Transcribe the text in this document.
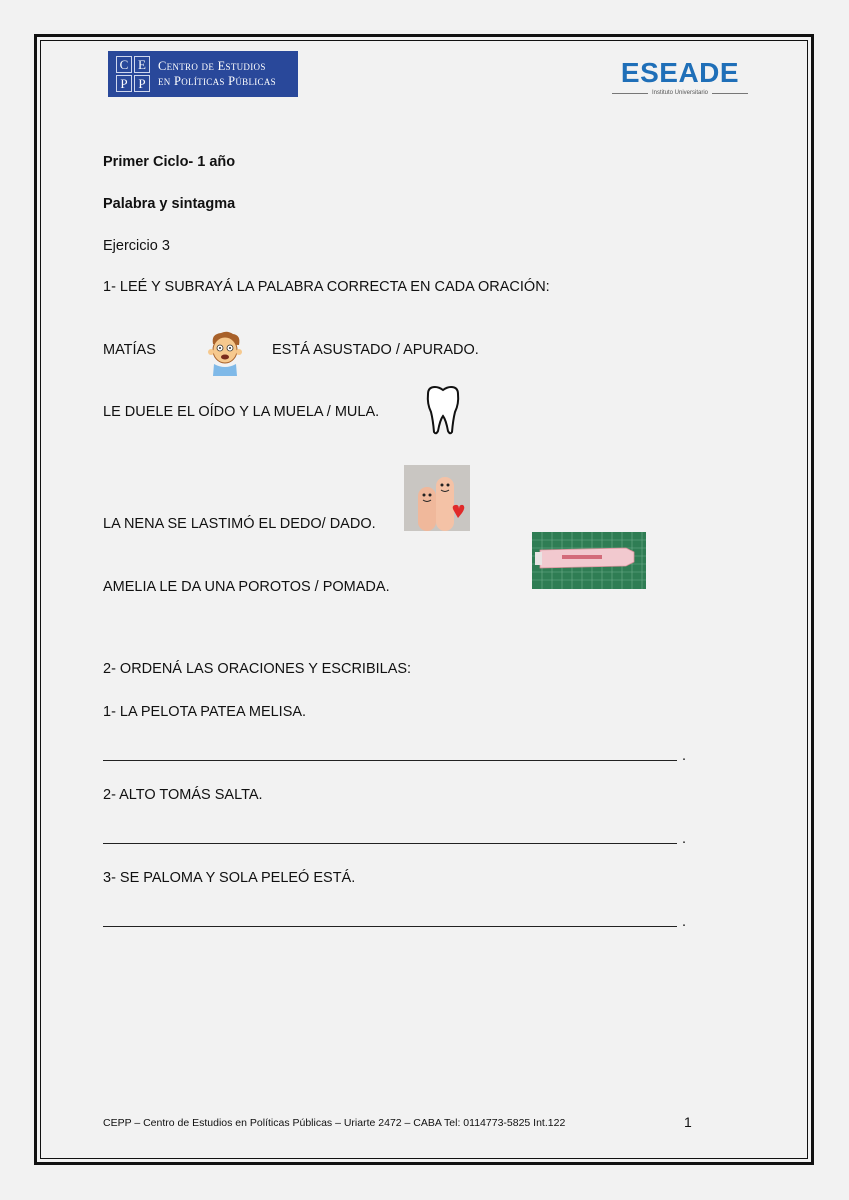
C E
P P
Centro de Estudios
en Políticas Públicas	ESEADE
Instituto Universitario
Primer Ciclo- 1 año
Palabra y sintagma
Ejercicio 3
1- LEÉ Y SUBRAYÁ LA PALABRA CORRECTA EN CADA ORACIÓN:
MATÍAS	ESTÁ ASUSTADO / APURADO.
LE DUELE EL OÍDO Y LA MUELA / MULA.
LA NENA SE LASTIMÓ EL DEDO/ DADO.
AMELIA LE DA UNA POROTOS / POMADA.
2- ORDENÁ LAS ORACIONES Y ESCRIBILAS:
1- LA PELOTA PATEA MELISA.
.
2- ALTO TOMÁS SALTA.
.
3- SE PALOMA Y SOLA PELEÓ ESTÁ.
.
CEPP – Centro de Estudios en Políticas Públicas – Uriarte 2472 – CABA Tel: 0114773-5825 Int.122	1
